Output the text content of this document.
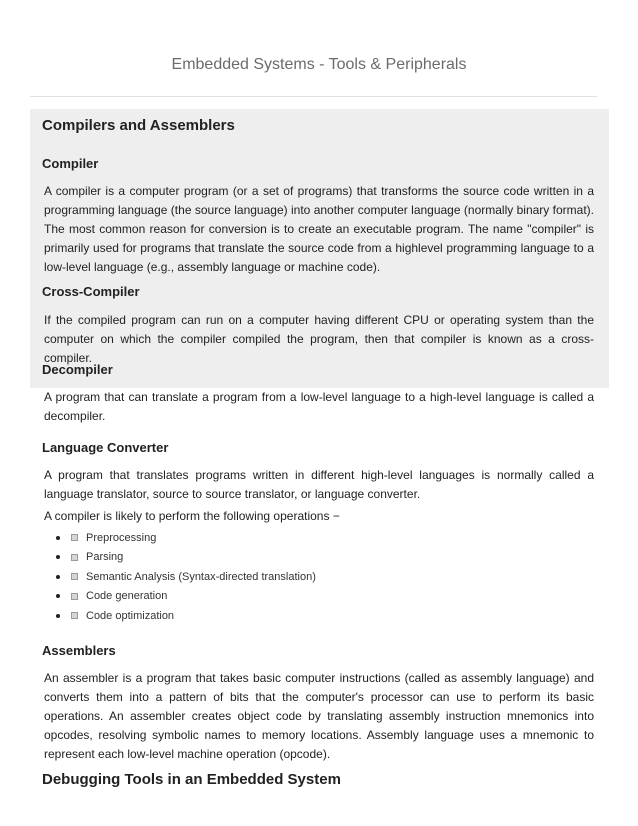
Embedded Systems - Tools & Peripherals
Compilers and Assemblers
Compiler

A compiler is a computer program (or a set of programs) that transforms the source code written in a programming language (the source language) into another computer language (normally binary format). The most common reason for conversion is to create an executable program. The name "compiler" is primarily used for programs that translate the source code from a highlevel programming language to a low-level language (e.g., assembly language or machine code).

Cross-Compiler

If the compiled program can run on a computer having different CPU or operating system than the computer on which the compiler compiled the program, then that compiler is known as a cross-compiler.

Decompiler

A program that can translate a program from a low-level language to a high-level language is called a decompiler.

Language Converter

A program that translates programs written in different high-level languages is normally called a language translator, source to source translator, or language converter.

A compiler is likely to perform the following operations −

Preprocessing
Parsing
Semantic Analysis (Syntax-directed translation)
Code generation
Code optimization
Assemblers

An assembler is a program that takes basic computer instructions (called as assembly language) and converts them into a pattern of bits that the computer's processor can use to perform its basic operations. An assembler creates object code by translating assembly instruction mnemonics into opcodes, resolving symbolic names to memory locations. Assembly language uses a mnemonic to represent each low-level machine operation (opcode).

Debugging Tools in an Embedded System
